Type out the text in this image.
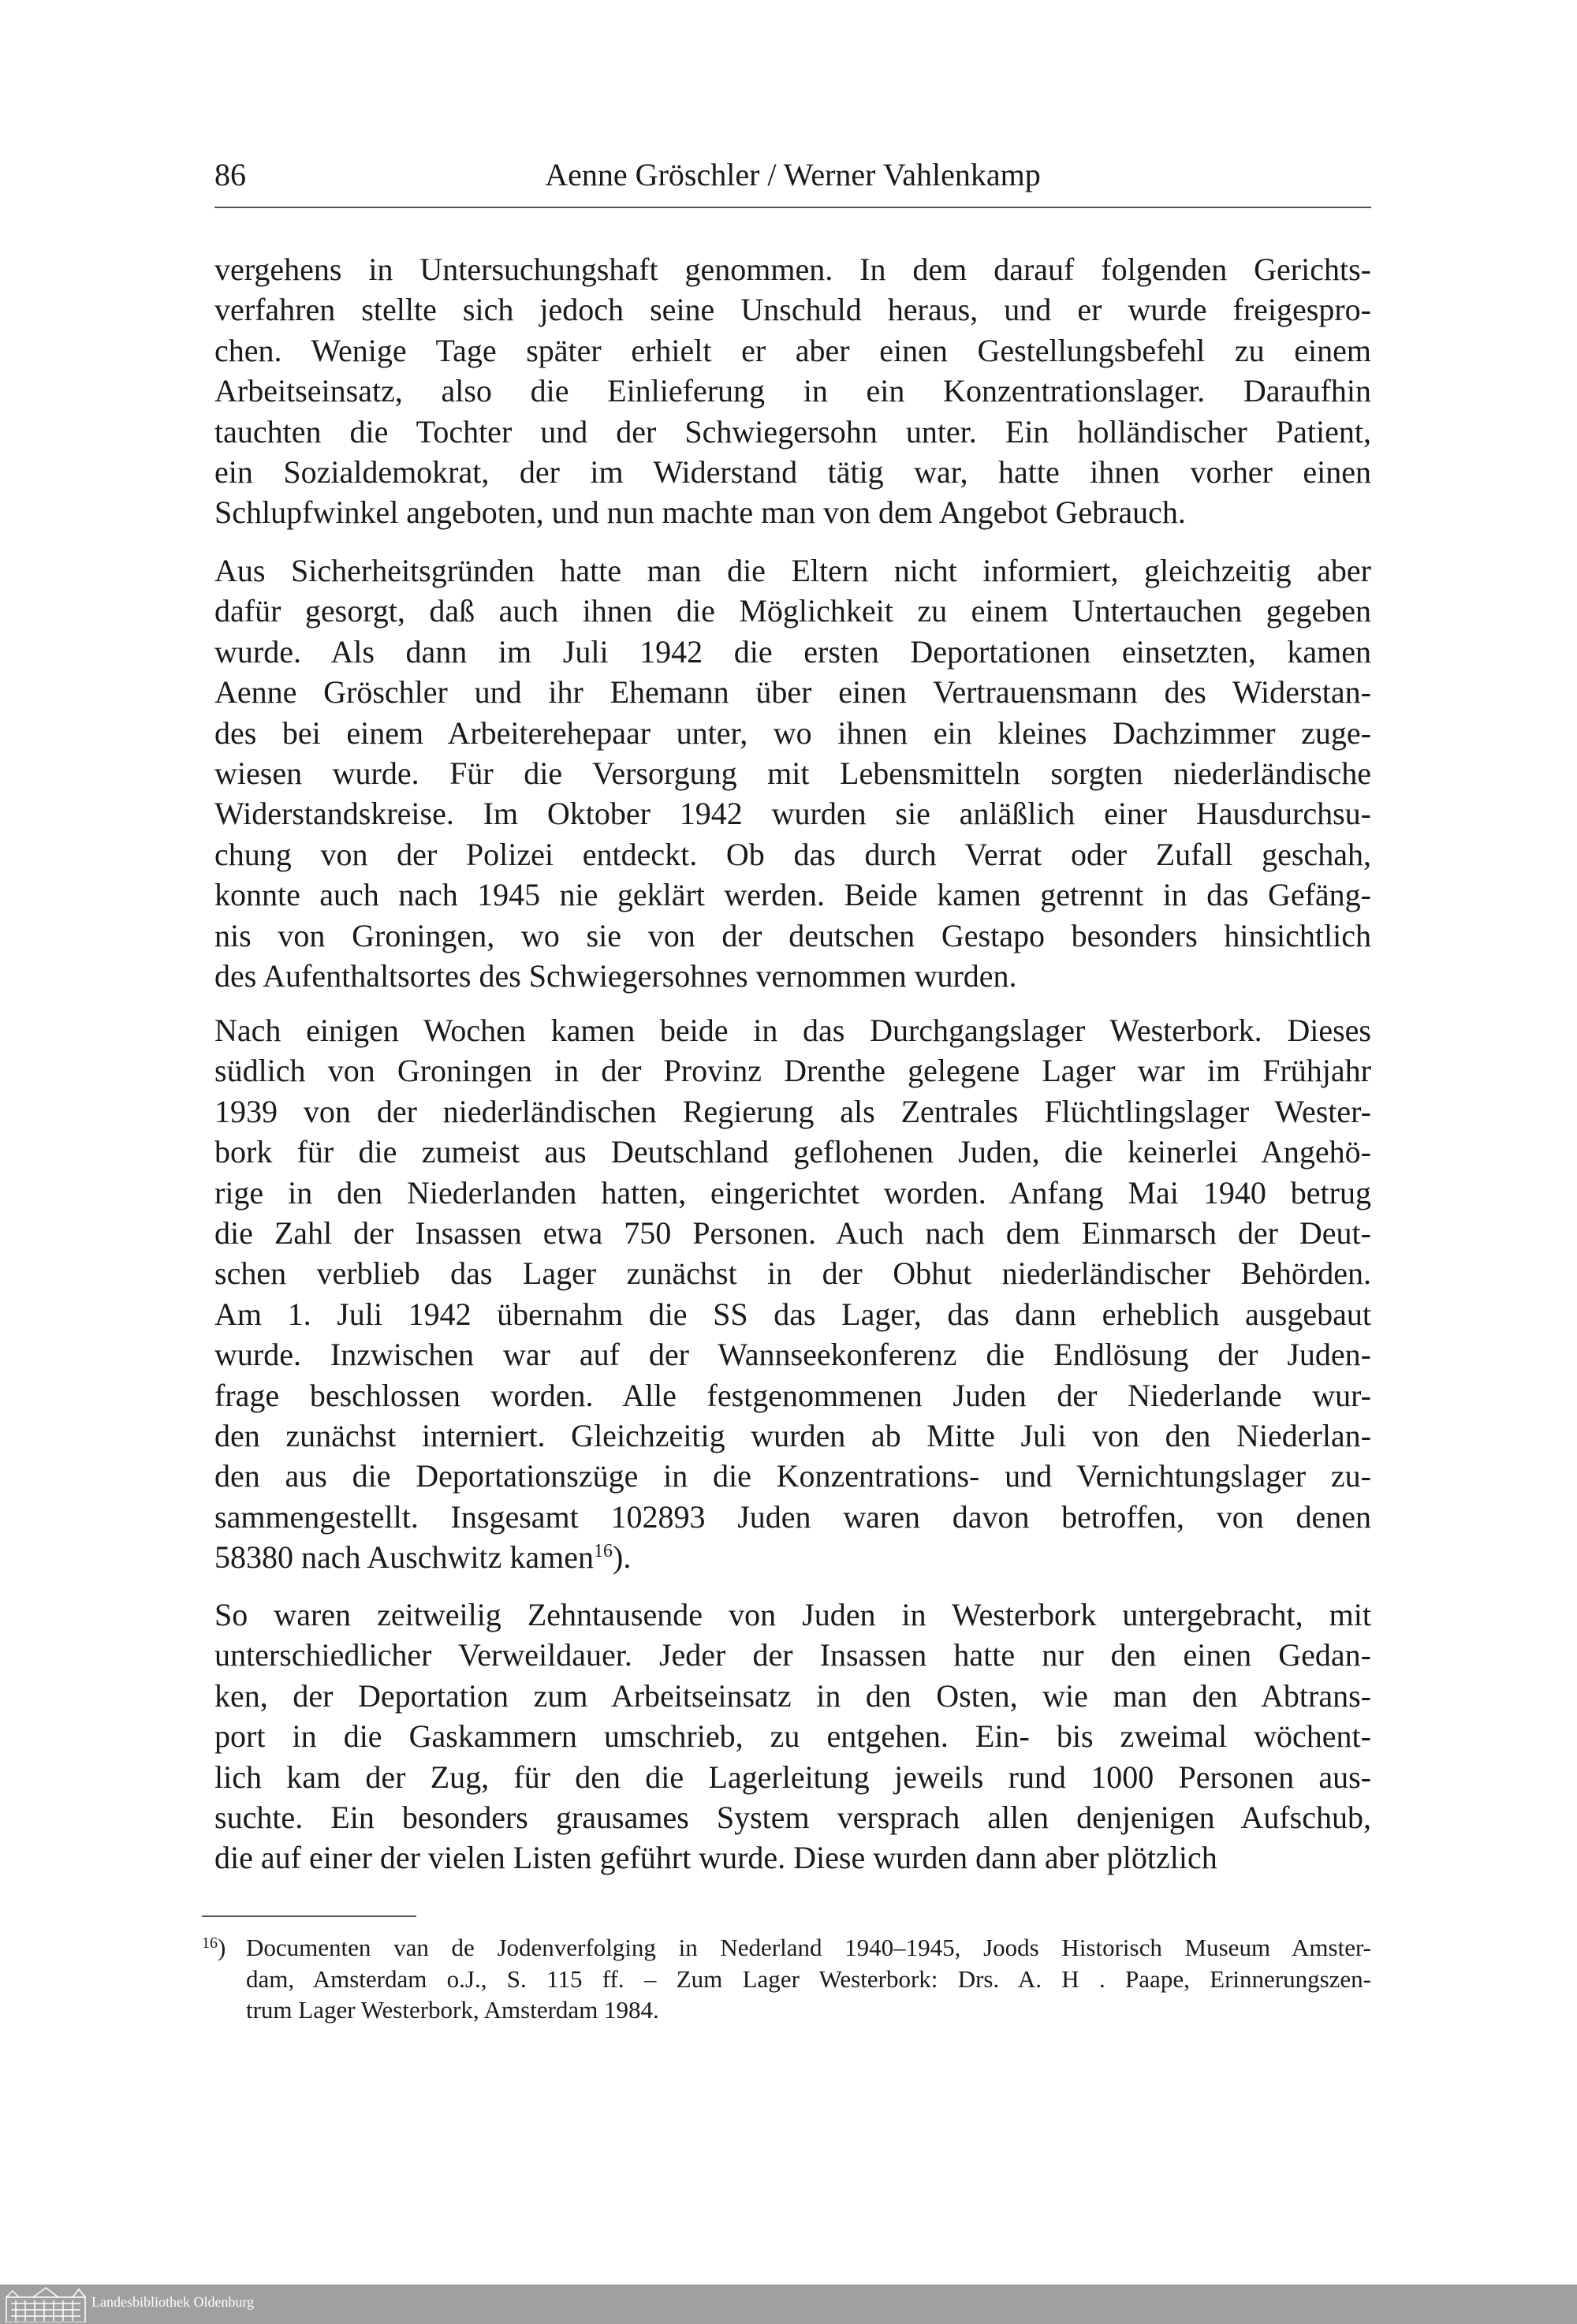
86	Aenne Gröschler / Werner Vahlenkamp
vergehens in Untersuchungshaft genommen. In dem darauf folgenden Gerichts-
verfahren stellte sich jedoch seine Unschuld heraus, und er wurde freigespro-
chen. Wenige Tage später erhielt er aber einen Gestellungsbefehl zu einem
Arbeitseinsatz, also die Einlieferung in ein Konzentrationslager. Daraufhin
tauchten die Tochter und der Schwiegersohn unter. Ein holländischer Patient,
ein Sozialdemokrat, der im Widerstand tätig war, hatte ihnen vorher einen
Schlupfwinkel angeboten, und nun machte man von dem Angebot Gebrauch.
Aus Sicherheitsgründen hatte man die Eltern nicht informiert, gleichzeitig aber
dafür gesorgt, daß auch ihnen die Möglichkeit zu einem Untertauchen gegeben
wurde. Als dann im Juli 1942 die ersten Deportationen einsetzten, kamen
Aenne Gröschler und ihr Ehemann über einen Vertrauensmann des Widerstan-
des bei einem Arbeiterehepaar unter, wo ihnen ein kleines Dachzimmer zuge-
wiesen wurde. Für die Versorgung mit Lebensmitteln sorgten niederländische
Widerstandskreise. Im Oktober 1942 wurden sie anläßlich einer Hausdurchsu-
chung von der Polizei entdeckt. Ob das durch Verrat oder Zufall geschah,
konnte auch nach 1945 nie geklärt werden. Beide kamen getrennt in das Gefäng-
nis von Groningen, wo sie von der deutschen Gestapo besonders hinsichtlich
des Aufenthaltsortes des Schwiegersohnes vernommen wurden.
Nach einigen Wochen kamen beide in das Durchgangslager Westerbork. Dieses
südlich von Groningen in der Provinz Drenthe gelegene Lager war im Frühjahr
1939 von der niederländischen Regierung als Zentrales Flüchtlingslager Wester-
bork für die zumeist aus Deutschland geflohenen Juden, die keinerlei Angehö-
rige in den Niederlanden hatten, eingerichtet worden. Anfang Mai 1940 betrug
die Zahl der Insassen etwa 750 Personen. Auch nach dem Einmarsch der Deut-
schen verblieb das Lager zunächst in der Obhut niederländischer Behörden.
Am 1. Juli 1942 übernahm die SS das Lager, das dann erheblich ausgebaut
wurde. Inzwischen war auf der Wannseekonferenz die Endlösung der Juden-
frage beschlossen worden. Alle festgenommenen Juden der Niederlande wur-
den zunächst interniert. Gleichzeitig wurden ab Mitte Juli von den Niederlan-
den aus die Deportationszüge in die Konzentrations- und Vernichtungslager zu-
sammengestellt. Insgesamt 102893 Juden waren davon betroffen, von denen
58380 nach Auschwitz kamen$^{16}$).
So waren zeitweilig Zehntausende von Juden in Westerbork untergebracht, mit
unterschiedlicher Verweildauer. Jeder der Insassen hatte nur den einen Gedan-
ken, der Deportation zum Arbeitseinsatz in den Osten, wie man den Abtrans-
port in die Gaskammern umschrieb, zu entgehen. Ein- bis zweimal wöchent-
lich kam der Zug, für den die Lagerleitung jeweils rund 1000 Personen aus-
suchte. Ein besonders grausames System versprach allen denjenigen Aufschub,
die auf einer der vielen Listen geführt wurde. Diese wurden dann aber plötzlich
$^{16}$) Documenten van de Jodenverfolging in Nederland 1940–1945, Joods Historisch Museum Amster-
dam, Amsterdam o.J., S. 115 ff. – Zum Lager Westerbork: Drs. A. H . Paape, Erinnerungszen-
trum Lager Westerbork, Amsterdam 1984.
Landesbibliothek Oldenburg
